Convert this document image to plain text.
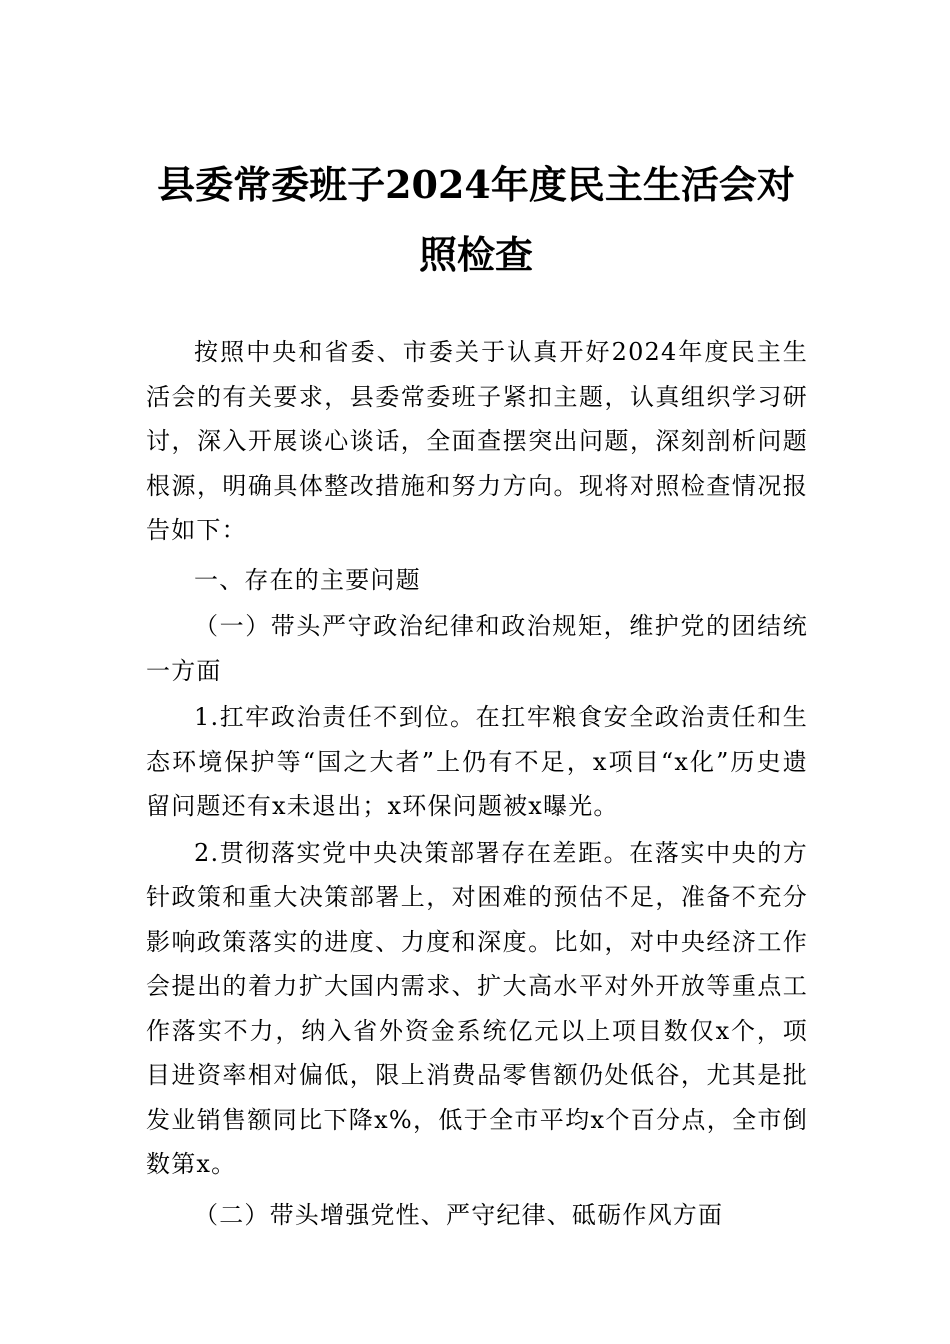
县委常委班子2024年度民主生活会对照检查

按照中央和省委、市委关于认真开好2024年度民主生活会的有关要求，县委常委班子紧扣主题，认真组织学习研讨，深入开展谈心谈话，全面查摆突出问题，深刻剖析问题根源，明确具体整改措施和努力方向。现将对照检查情况报告如下：

一、存在的主要问题

（一）带头严守政治纪律和政治规矩，维护党的团结统一方面

1.扛牢政治责任不到位。在扛牢粮食安全政治责任和生态环境保护等“国之大者”上仍有不足，x项目“x化”历史遗留问题还有x未退出；x环保问题被x曝光。

2.贯彻落实党中央决策部署存在差距。在落实中央的方针政策和重大决策部署上，对困难的预估不足，准备不充分影响政策落实的进度、力度和深度。比如，对中央经济工作会提出的着力扩大国内需求、扩大高水平对外开放等重点工作落实不力，纳入省外资金系统亿元以上项目数仅x个，项目进资率相对偏低，限上消费品零售额仍处低谷，尤其是批发业销售额同比下降x%，低于全市平均x个百分点，全市倒数第x。

（二）带头增强党性、严守纪律、砥砺作风方面
